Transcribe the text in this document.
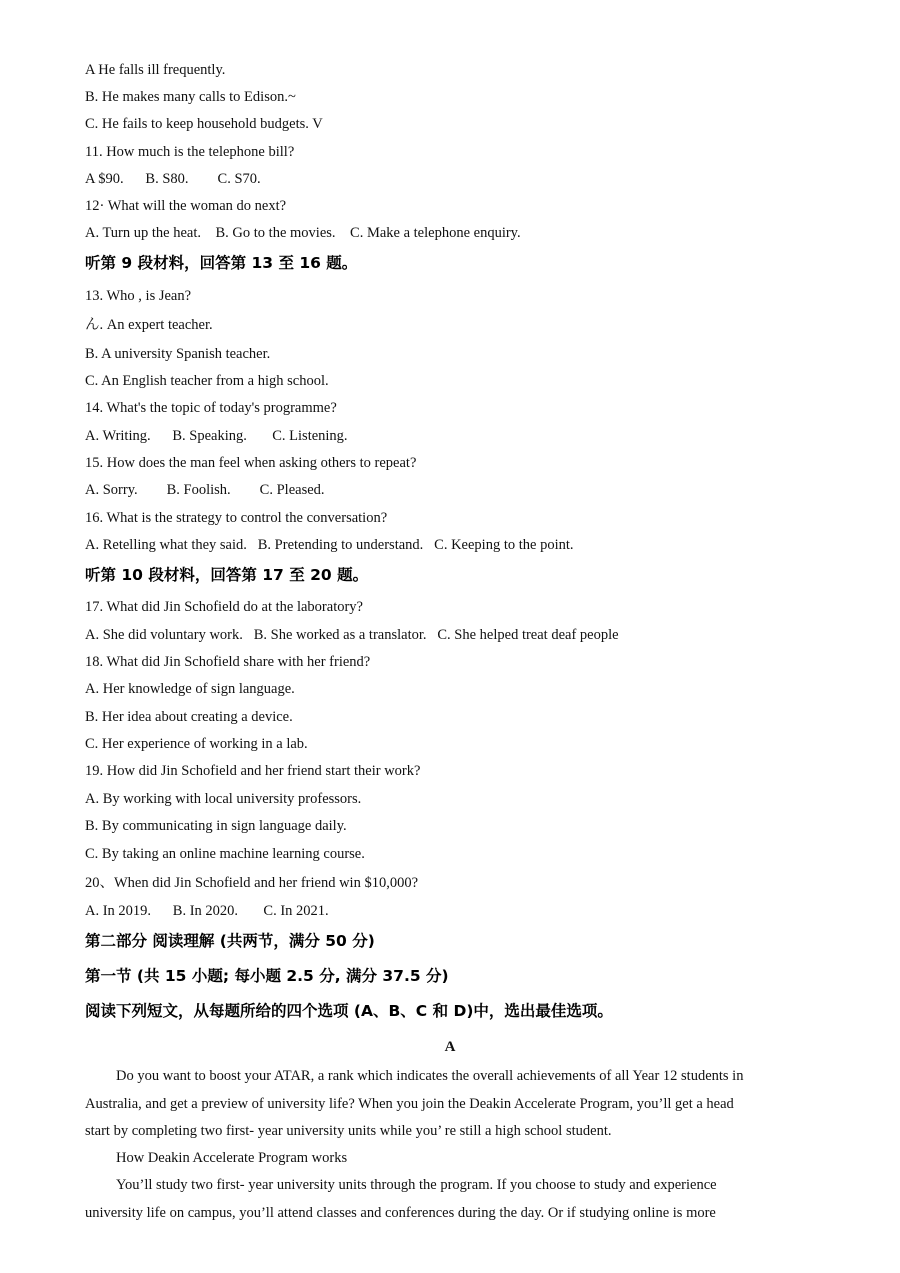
A He falls ill frequently.
B. He makes many calls to Edison.~
C. He fails to keep household budgets. V
11. How much is the telephone bill?
A $90.      B. S80.        C. S70.
12· What will the woman do next?
A. Turn up the heat.    B. Go to the movies.    C. Make a telephone enquiry.
听第 9 段材料，回答第 13 至 16 题。
13. Who , is Jean?
ん. An expert teacher.
B. A university Spanish teacher.
C. An English teacher from a high school.
14. What's the topic of today's programme?
A. Writing.      B. Speaking.       C. Listening.
15. How does the man feel when asking others to repeat?
A. Sorry.        B. Foolish.        C. Pleased.
16. What is the strategy to control the conversation?
A. Retelling what they said.   B. Pretending to understand.   C. Keeping to the point.
听第 10 段材料，回答第 17 至 20 题。
17. What did Jin Schofield do at the laboratory?
A. She did voluntary work.   B. She worked as a translator.   C. She helped treat deaf people
18. What did Jin Schofield share with her friend?
A. Her knowledge of sign language.
B. Her idea about creating a device.
C. Her experience of working in a lab.
19. How did Jin Schofield and her friend start their work?
A. By working with local university professors.
B. By communicating in sign language daily.
C. By taking an online machine learning course.
20、When did Jin Schofield and her friend win $10,000?
A. In 2019.      B. In 2020.       C. In 2021.
第二部分 阅读理解 (共两节，满分 50 分)
第一节 (共 15 小题; 每小题 2.5 分, 满分 37.5 分)
阅读下列短文，从每题所给的四个选项 (A、B、C 和 D)中，选出最佳选项。
A
Do you want to boost your ATAR, a rank which indicates the overall achievements of all Year 12 students in
Australia, and get a preview of university life? When you join the Deakin Accelerate Program, you’ll get a head
start by completing two first- year university units while you’ re still a high school student.
How Deakin Accelerate Program works
You’ll study two first- year university units through the program. If you choose to study and experience
university life on campus, you’ll attend classes and conferences during the day. Or if studying online is more
